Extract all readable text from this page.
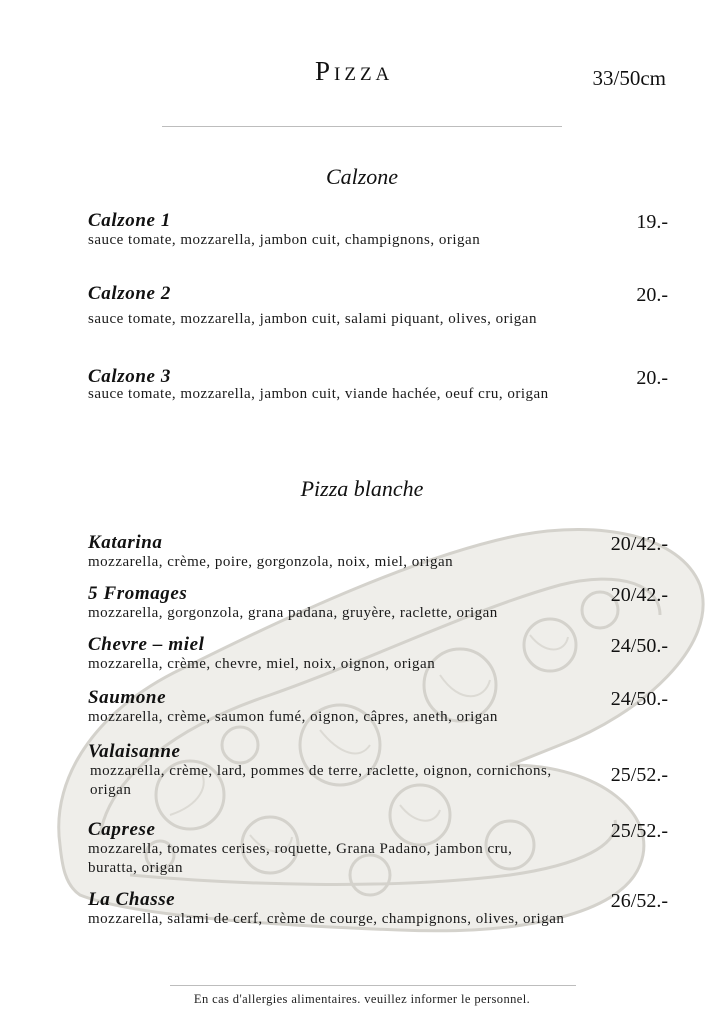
Pizza	33/50cm
Calzone
Calzone 1
sauce tomate, mozzarella, jambon cuit, champignons, origan
19.-
Calzone 2
sauce tomate, mozzarella, jambon cuit, salami piquant, olives, origan
20.-
Calzone 3
sauce tomate, mozzarella, jambon cuit, viande hachée, oeuf cru, origan
20.-
Pizza blanche
Katarina
mozzarella, crème, poire, gorgonzola, noix, miel, origan
20/42.-
5 Fromages
mozzarella, gorgonzola, grana padana, gruyère, raclette, origan
20/42.-
Chevre – miel
mozzarella, crème, chevre, miel, noix, oignon, origan
24/50.-
Saumone
mozzarella, crème, saumon fumé, oignon, câpres, aneth, origan
24/50.-
Valaisanne
mozzarella, crème, lard, pommes de terre, raclette, oignon, cornichons, origan
25/52.-
Caprese
mozzarella, tomates cerises, roquette, Grana Padano, jambon cru, buratta, origan
25/52.-
La Chasse
mozzarella, salami de cerf, crème de courge, champignons, olives, origan
26/52.-
En cas d'allergies alimentaires. veuillez informer le personnel.
